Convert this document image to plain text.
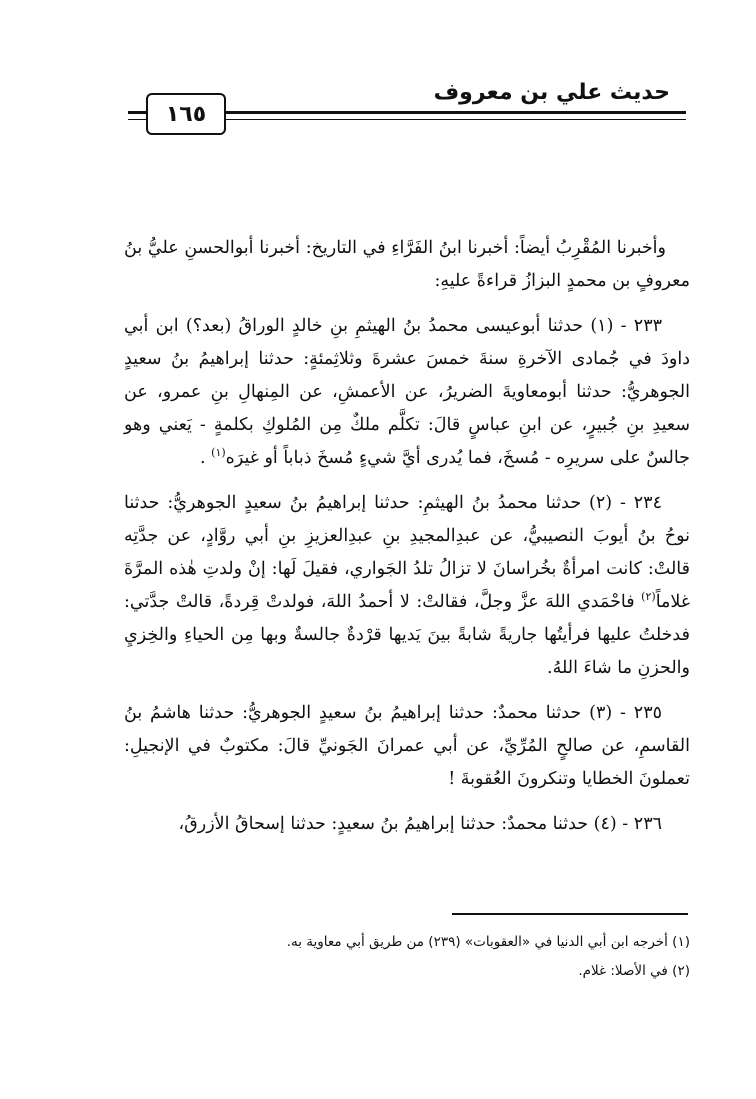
١٦٥
حديث علي بن معروف

وأخبرنا المُقْرِبُ أيضاً: أخبرنا ابنُ الفَرَّاءِ في التاريخ: أخبرنا أبوالحسنِ عليُّ بنُ معروفٍ بن محمدٍ البزازُ قراءةً عليهِ:

٢٣٣ - (١) حدثنا أبوعيسى محمدُ بنُ الهيثمِ بنِ خالدٍ الوراقُ (بعد؟) ابن أبي داودَ في جُمادى الآخرةِ سنةَ خمسَ عشرةَ وثلاثِمئةٍ: حدثنا إبراهيمُ بنُ سعيدٍ الجوهريُّ: حدثنا أبومعاويةَ الضريرُ، عن الأعمشِ، عن المِنهالِ بنِ عمرو، عن سعيدِ بنِ جُبيرٍ، عن ابنِ عباسٍ قالَ: تكلَّم ملكٌ مِن المُلوكِ بكلمةٍ - يَعني وهو جالسٌ على سريرِه - مُسخَ، فما يُدرى أيَّ شيءٍ مُسخَ ذباباً أو غيرَه$^{(١)}$ .

٢٣٤ - (٢) حدثنا محمدُ بنُ الهيثمِ: حدثنا إبراهيمُ بنُ سعيدٍ الجوهريُّ: حدثنا نوحُ بنُ أيوبَ النصيبيُّ، عن عبدِالمجيدِ بنِ عبدِالعزيزِ بنِ أبي روَّادٍ، عن جدَّتِه قالتْ: كانت امرأةٌ بخُراسانَ لا تزالُ تلدُ الجَواري، فقيلَ لَها: إنْ ولدتِ هٰذه المرَّةَ غلاماً$^{(٢)}$ فاحْمَدي اللهَ عزَّ وجلَّ، فقالتْ: لا أحمدُ اللهَ، فولدتْ قِردةً، قالتْ جدَّتي: فدخلتُ عليها فرأيتُها جاريةً شابةً بينَ يَديها قرْدةٌ جالسةٌ وبها مِن الحياءِ والخِزيِ والحزنِ ما شاءَ اللهُ.

٢٣٥ - (٣) حدثنا محمدٌ: حدثنا إبراهيمُ بنُ سعيدٍ الجوهريُّ: حدثنا هاشمُ بنُ القاسمِ، عن صالحٍ المُرِّيِّ، عن أبي عمرانَ الجَونيِّ قالَ: مكتوبٌ في الإنجيلِ: تعملونَ الخطايا وتنكرونَ العُقوبةَ !

٢٣٦ - (٤) حدثنا محمدٌ: حدثنا إبراهيمُ بنُ سعيدٍ: حدثنا إسحاقُ الأزرقُ،

(١) أخرجه ابن أبي الدنيا في «العقوبات» (٢٣٩) من طريق أبي معاوية به.

(٢) في الأصلا: غلام.
